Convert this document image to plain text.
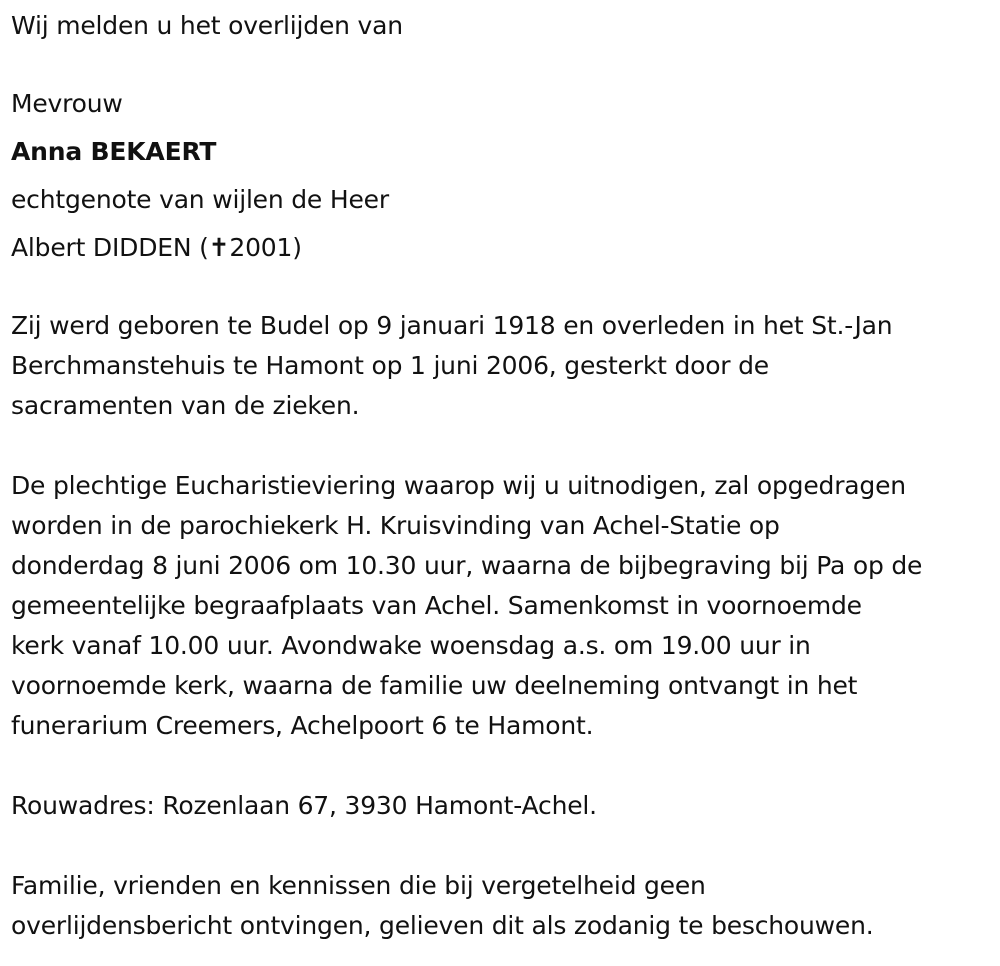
Wij melden u het overlijden van
Mevrouw
Anna BEKAERT
echtgenote van wijlen de Heer
Albert DIDDEN (✝2001)
Zij werd geboren te Budel op 9 januari 1918 en overleden in het St.-Jan
Berchmanstehuis te Hamont op 1 juni 2006, gesterkt door de
sacramenten van de zieken.
De plechtige Eucharistieviering waarop wij u uitnodigen, zal opgedragen
worden in de parochiekerk H. Kruisvinding van Achel-Statie op
donderdag 8 juni 2006 om 10.30 uur, waarna de bijbegraving bij Pa op de
gemeentelijke begraafplaats van Achel. Samenkomst in voornoemde
kerk vanaf 10.00 uur. Avondwake woensdag a.s. om 19.00 uur in
voornoemde kerk, waarna de familie uw deelneming ontvangt in het
funerarium Creemers, Achelpoort 6 te Hamont.
Rouwadres: Rozenlaan 67, 3930 Hamont-Achel.
Familie, vrienden en kennissen die bij vergetelheid geen
overlijdensbericht ontvingen, gelieven dit als zodanig te beschouwen.
